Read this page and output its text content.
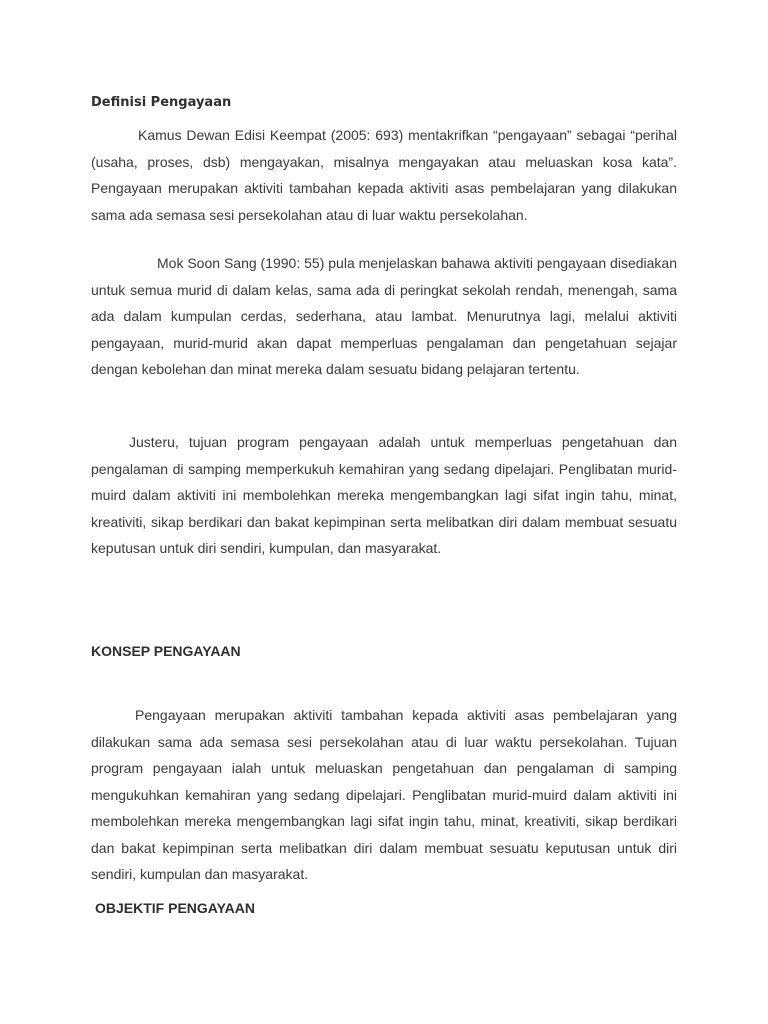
Definisi Pengayaan

Kamus Dewan Edisi Keempat (2005: 693) mentakrifkan “pengayaan” sebagai “perihal (usaha, proses, dsb) mengayakan, misalnya mengayakan atau meluaskan kosa kata”. Pengayaan merupakan aktiviti tambahan kepada aktiviti asas pembelajaran yang dilakukan sama ada semasa sesi persekolahan atau di luar waktu persekolahan.

Mok Soon Sang (1990: 55) pula menjelaskan bahawa aktiviti pengayaan disediakan untuk semua murid di dalam kelas, sama ada di peringkat sekolah rendah, menengah, sama ada dalam kumpulan cerdas, sederhana, atau lambat. Menurutnya lagi, melalui aktiviti pengayaan, murid-murid akan dapat memperluas pengalaman dan pengetahuan sejajar dengan kebolehan dan minat mereka dalam sesuatu bidang pelajaran tertentu.

Justeru, tujuan program pengayaan adalah untuk memperluas pengetahuan dan pengalaman di samping memperkukuh kemahiran yang sedang dipelajari. Penglibatan murid-muird dalam aktiviti ini membolehkan mereka mengembangkan lagi sifat ingin tahu, minat, kreativiti, sikap berdikari dan bakat kepimpinan serta melibatkan diri dalam membuat sesuatu keputusan untuk diri sendiri, kumpulan, dan masyarakat.

KONSEP PENGAYAAN

Pengayaan merupakan aktiviti tambahan kepada aktiviti asas pembelajaran yang dilakukan sama ada semasa sesi persekolahan atau di luar waktu persekolahan. Tujuan program pengayaan ialah untuk meluaskan pengetahuan dan pengalaman di samping mengukuhkan kemahiran yang sedang dipelajari. Penglibatan murid-muird dalam aktiviti ini membolehkan mereka mengembangkan lagi sifat ingin tahu, minat, kreativiti, sikap berdikari dan bakat kepimpinan serta melibatkan diri dalam membuat sesuatu keputusan untuk diri sendiri, kumpulan dan masyarakat.

OBJEKTIF PENGAYAAN
